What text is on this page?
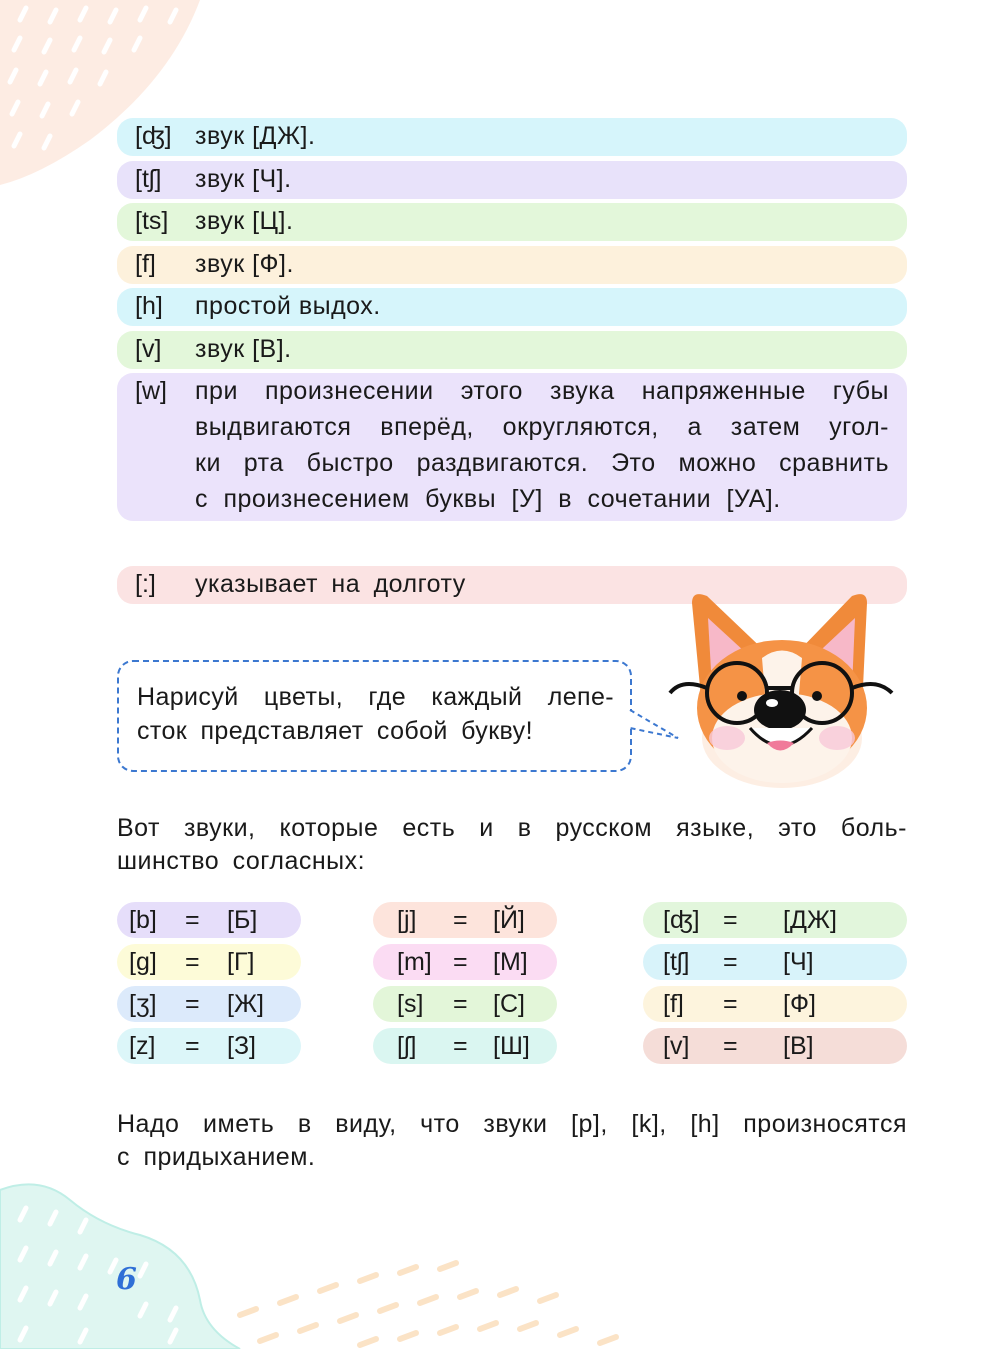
[ʤ] звук [ДЖ].
[tʃ] звук [Ч].
[ts] звук [Ц].
[f] звук [Ф].
[h] простой выдох.
[v] звук [В].
[w] при произнесении этого звука напряженные губы
выдвигаются вперёд, округляются, а затем угол-
ки рта быстро раздвигаются. Это можно сравнить
с произнесением буквы [У] в сочетании [УА].
[:] указывает на долготу
Нарисуй цветы, где каждый лепе-
сток представляет собой букву!
Вот звуки, которые есть и в русском языке, это боль-
шинство согласных:
[b] = [Б]
[g] = [Г]
[ʒ] = [Ж]
[z] = [З]
[j] = [Й]
[m] = [М]
[s] = [С]
[ʃ] = [Ш]
[ʤ] = [ДЖ]
[tʃ] = [Ч]
[f] = [Ф]
[v] = [В]
Надо иметь в виду, что звуки [p], [k], [h] произносятся
с придыханием.
6
